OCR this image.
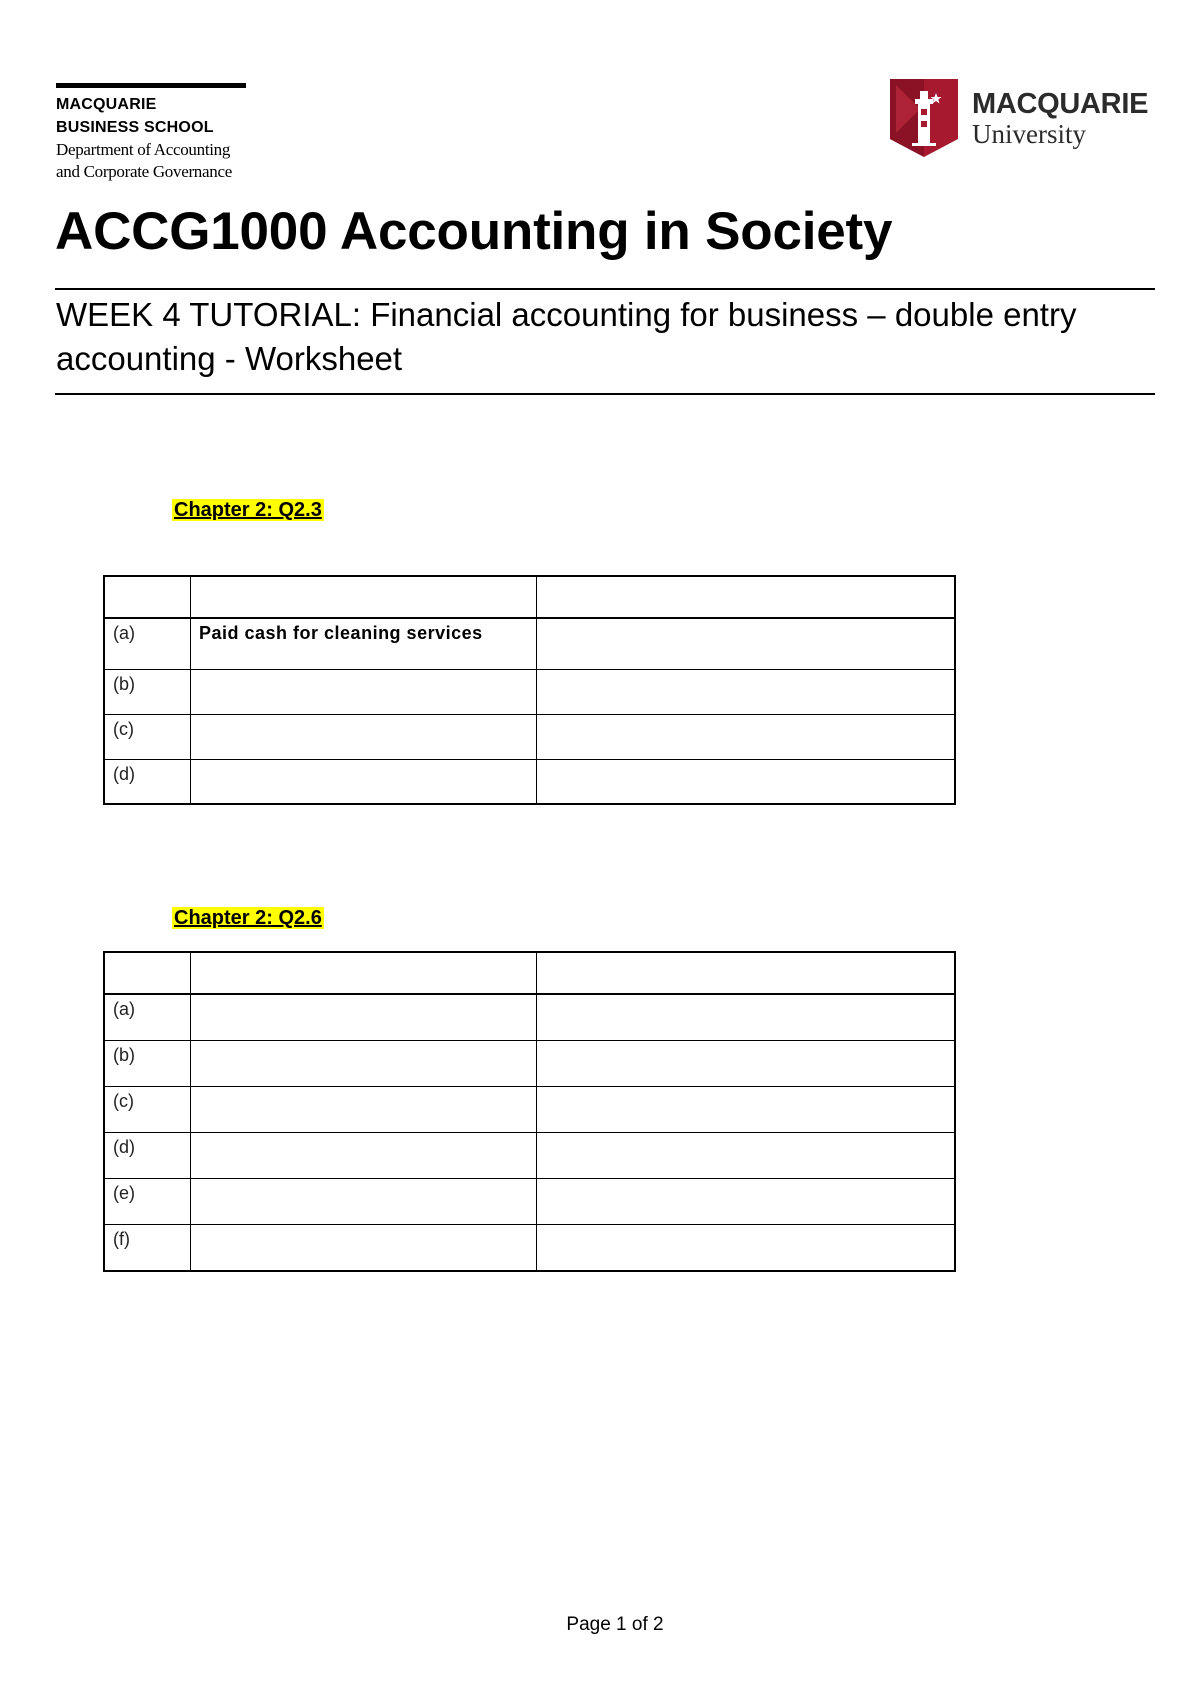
MACQUARIE
BUSINESS SCHOOL
Department of Accounting
and Corporate Governance
MACQUARIE
University
ACCG1000 Accounting in Society
WEEK 4 TUTORIAL: Financial accounting for business – double entry accounting - Worksheet
Chapter 2: Q2.3

(a)	Paid cash for cleaning services	
(b)		
(c)		
(d)		
Chapter 2: Q2.6

(a)		
(b)		
(c)		
(d)		
(e)		
(f)		
Page 1 of 2
